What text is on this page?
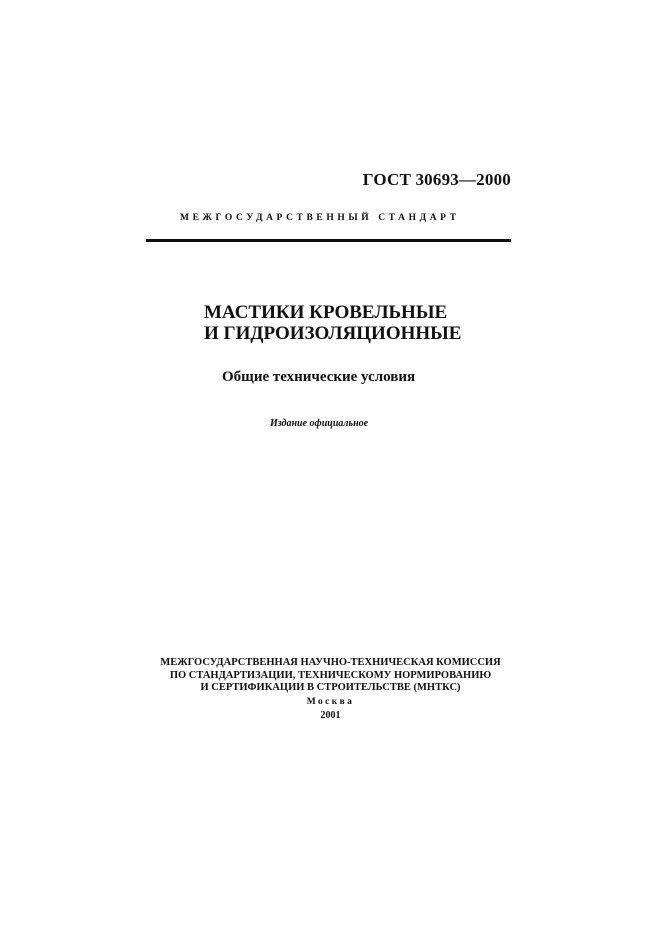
ГОСТ 30693—2000
МЕЖГОСУДАРСТВЕННЫЙ СТАНДАРТ
МАСТИКИ КРОВЕЛЬНЫЕ
И ГИДРОИЗОЛЯЦИОННЫЕ
Общие технические условия
Издание официальное
МЕЖГОСУДАРСТВЕННАЯ НАУЧНО-ТЕХНИЧЕСКАЯ КОМИССИЯ
ПО СТАНДАРТИЗАЦИИ, ТЕХНИЧЕСКОМУ НОРМИРОВАНИЮ
И СЕРТИФИКАЦИИ В СТРОИТЕЛЬСТВЕ (МНТКС)
Москва
2001
